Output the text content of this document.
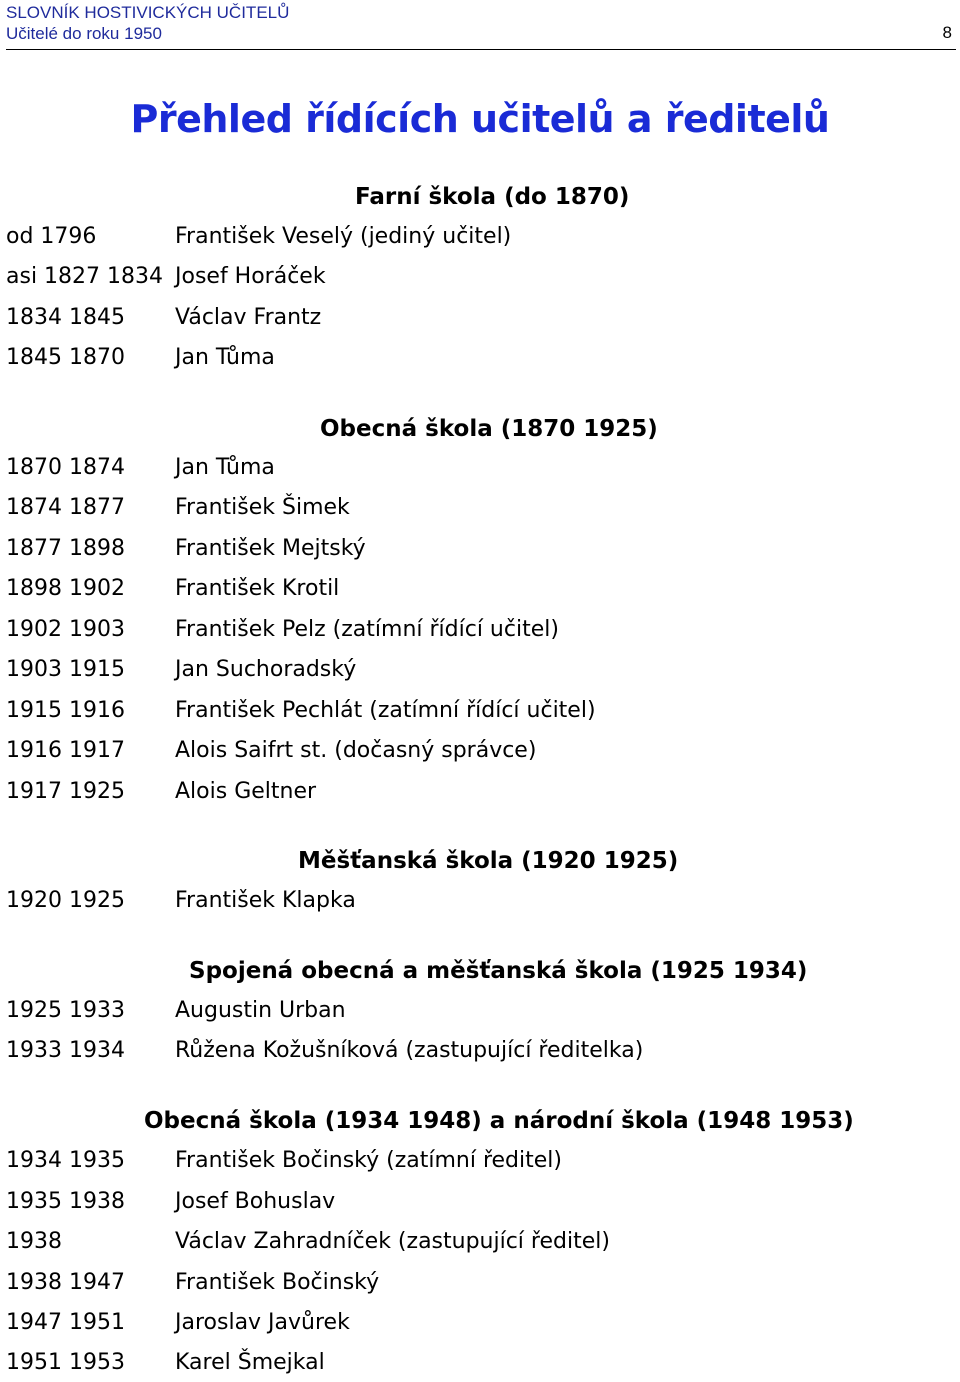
SLOVNÍK HOSTIVICKÝCH UČITELŮ
Učitelé do roku 1950	8
Přehled řídících učitelů a ředitelů
Farní škola (do 1870)
od 1796	František Veselý (jediný učitel)
asi 1827 1834 Josef Horáček
1834 1845 Václav Frantz
1845 1870 Jan Tůma
Obecná škola (1870 1925)
1870 1874 Jan Tůma
1874 1877 František Šimek
1877 1898 František Mejtský
1898 1902 František Krotil
1902 1903 František Pelz (zatímní řídící učitel)
1903 1915 Jan Suchoradský
1915 1916 František Pechlát (zatímní řídící učitel)
1916 1917 Alois Saifrt st. (dočasný správce)
1917 1925 Alois Geltner
Měšťanská škola (1920 1925)
1920 1925 František Klapka
Spojená obecná a měšťanská škola (1925 1934)
1925 1933 Augustin Urban
1933 1934 Růžena Kožušníková (zastupující ředitelka)
Obecná škola (1934 1948) a národní škola (1948 1953)
1934 1935 František Bočinský (zatímní ředitel)
1935 1938 Josef Bohuslav
1938	Václav Zahradníček (zastupující ředitel)
1938 1947 František Bočinský
1947 1951 Jaroslav Javůrek
1951 1953 Karel Šmejkal
